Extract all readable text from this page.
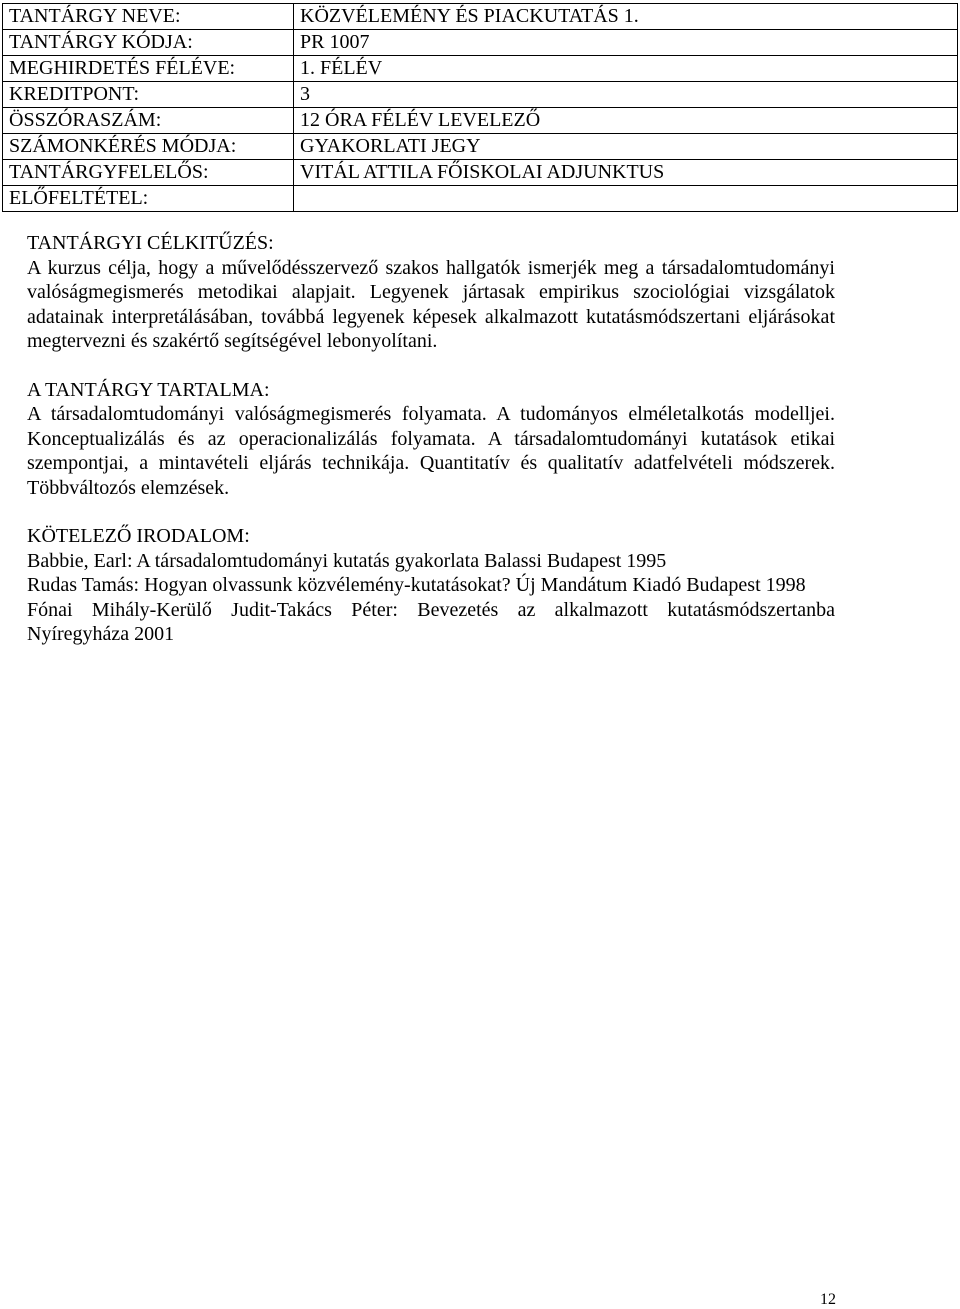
TANTÁRGY NEVE:	KÖZVÉLEMÉNY ÉS PIACKUTATÁS 1.
TANTÁRGY KÓDJA:	PR 1007
MEGHIRDETÉS FÉLÉVE:	1. FÉLÉV
KREDITPONT:	3
ÖSSZÓRASZÁM:	12 ÓRA FÉLÉV LEVELEZŐ
SZÁMONKÉRÉS MÓDJA:	GYAKORLATI JEGY
TANTÁRGYFELELŐS:	VITÁL ATTILA FŐISKOLAI ADJUNKTUS
ELŐFELTÉTEL:	

TANTÁRGYI CÉLKITŰZÉS:

A kurzus célja, hogy a művelődésszervező szakos hallgatók ismerjék meg a társadalomtudományi valóságmegismerés metodikai alapjait. Legyenek jártasak empirikus szociológiai vizsgálatok adatainak interpretálásában, továbbá legyenek képesek alkalmazott kutatásmódszertani eljárásokat megtervezni és szakértő segítségével lebonyolítani.

A TANTÁRGY TARTALMA:

A társadalomtudományi valóságmegismerés folyamata. A tudományos elméletalkotás modelljei. Konceptualizálás és az operacionalizálás folyamata. A társadalomtudományi kutatások etikai szempontjai, a mintavételi eljárás technikája. Quantitatív és qualitatív adatfelvételi módszerek. Többváltozós elemzések.

KÖTELEZŐ IRODALOM:

Babbie, Earl: A társadalomtudományi kutatás gyakorlata Balassi Budapest 1995

Rudas Tamás: Hogyan olvassunk közvélemény-kutatásokat? Új Mandátum Kiadó Budapest 1998

Fónai Mihály-Kerülő Judit-Takács Péter: Bevezetés az alkalmazott kutatásmódszertanba Nyíregyháza 2001

12
